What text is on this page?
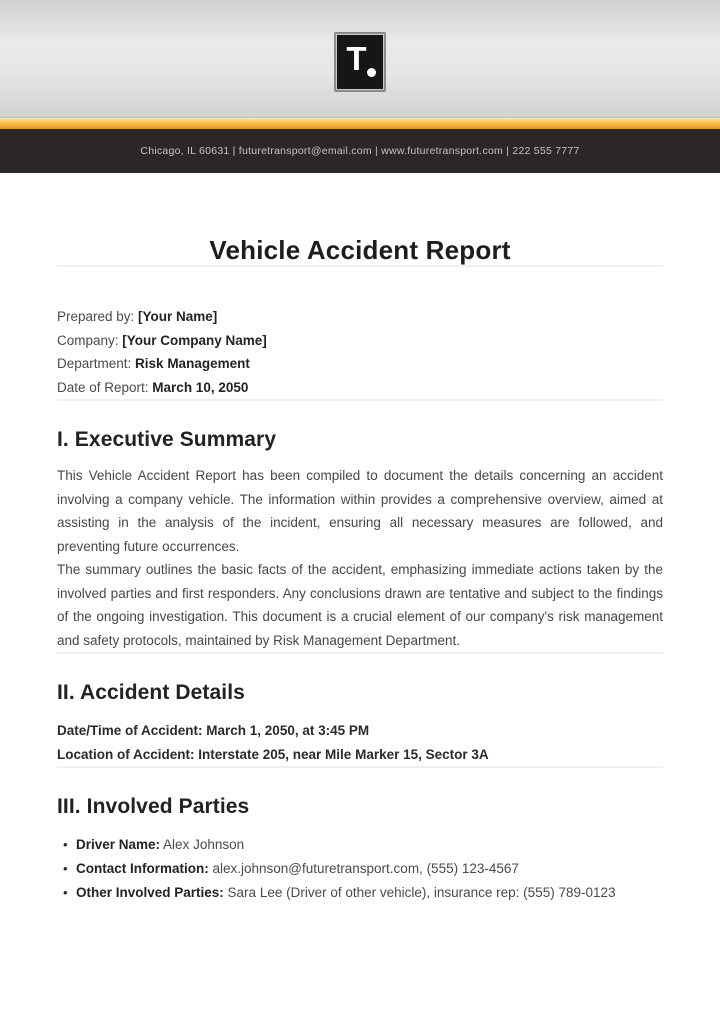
T
Chicago, IL 60631 | futuretransport@email.com | www.futuretransport.com | 222 555 7777
Vehicle Accident Report
Prepared by: [Your Name]
Company: [Your Company Name]
Department: Risk Management
Date of Report: March 10, 2050
I. Executive Summary

This Vehicle Accident Report has been compiled to document the details concerning an accident involving a company vehicle. The information within provides a comprehensive overview, aimed at assisting in the analysis of the incident, ensuring all necessary measures are followed, and preventing future occurrences.

The summary outlines the basic facts of the accident, emphasizing immediate actions taken by the involved parties and first responders. Any conclusions drawn are tentative and subject to the findings of the ongoing investigation. This document is a crucial element of our company's risk management and safety protocols, maintained by Risk Management Department.

II. Accident Details

Date/Time of Accident: March 1, 2050, at 3:45 PM

Location of Accident: Interstate 205, near Mile Marker 15, Sector 3A

III. Involved Parties
• Driver Name: Alex Johnson
• Contact Information: alex.johnson@futuretransport.com, (555) 123-4567
• Other Involved Parties: Sara Lee (Driver of other vehicle), insurance rep: (555) 789-0123
